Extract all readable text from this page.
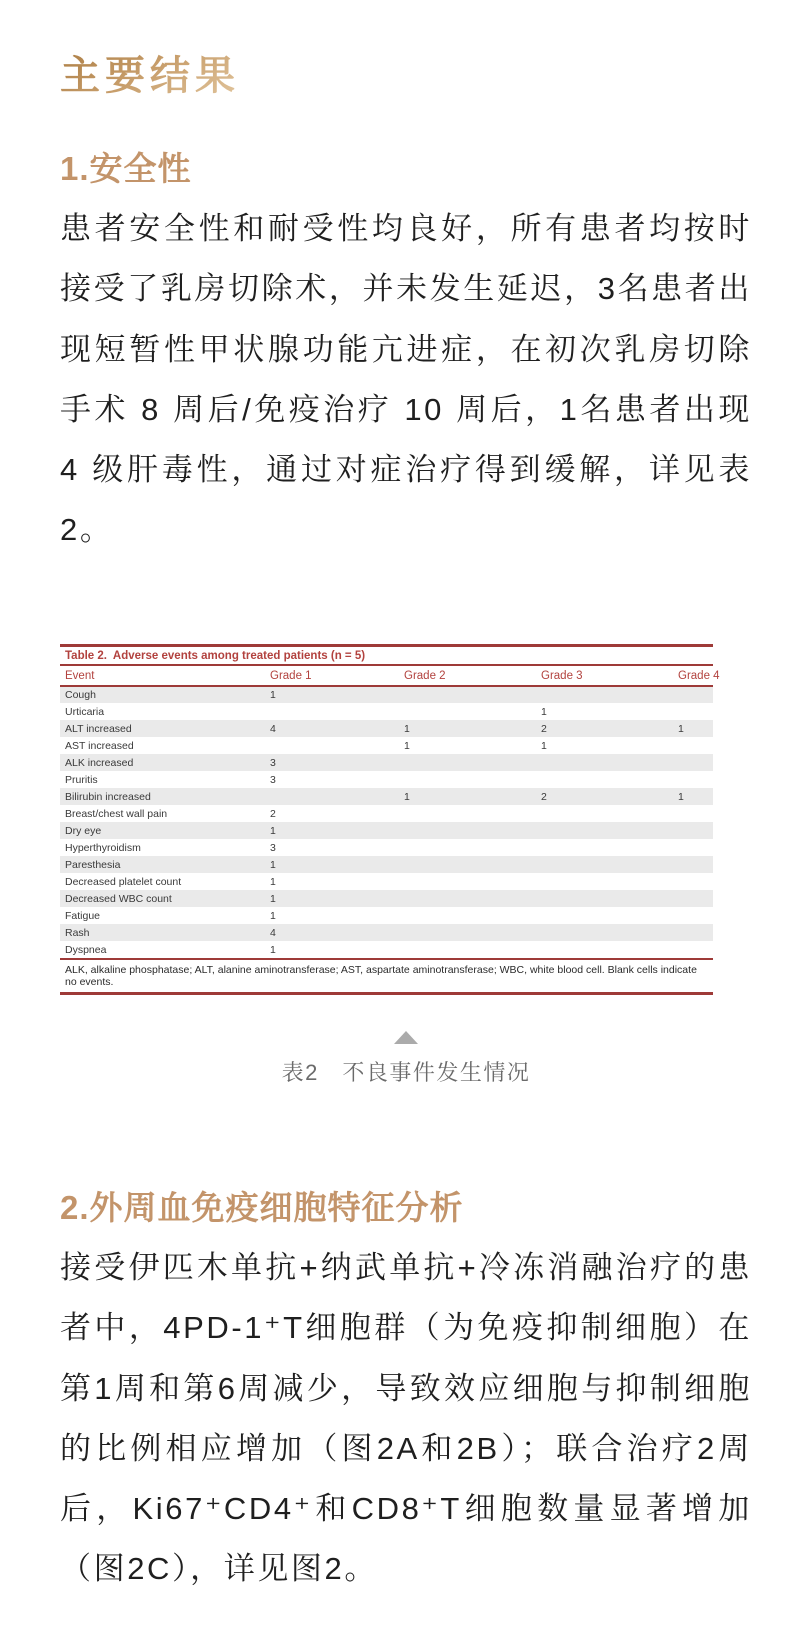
主要结果
1.安全性

患者安全性和耐受性均良好，所有患者均按时接受了乳房切除术，并未发生延迟，3名患者出现短暂性甲状腺功能亢进症，在初次乳房切除手术 8 周后/免疫治疗 10 周后，1名患者出现 4 级肝毒性，通过对症治疗得到缓解，详见表2。

Table 2.  Adverse events among treated patients (n = 5)
Event	Grade 1	Grade 2	Grade 3	Grade 4
Cough	1			
Urticaria			1	
ALT increased	4	1	2	1
AST increased		1	1	
ALK increased	3			
Pruritis	3			
Bilirubin increased		1	2	1
Breast/chest wall pain	2			
Dry eye	1			
Hyperthyroidism	3			
Paresthesia	1			
Decreased platelet count	1			
Decreased WBC count	1			
Fatigue	1			
Rash	4			
Dyspnea	1			
ALK, alkaline phosphatase; ALT, alanine aminotransferase; AST, aspartate aminotransferase; WBC, white blood cell. Blank cells indicate no events.
表2　不良事件发生情况
2.外周血免疫细胞特征分析

接受伊匹木单抗+纳武单抗+冷冻消融治疗的患者中，4PD-1⁺T细胞群（为免疫抑制细胞）在第1周和第6周减少，导致效应细胞与抑制细胞的比例相应增加（图2A和2B）；联合治疗2周后，Ki67⁺CD4⁺和CD8⁺T细胞数量显著增加（图2C），详见图2。
